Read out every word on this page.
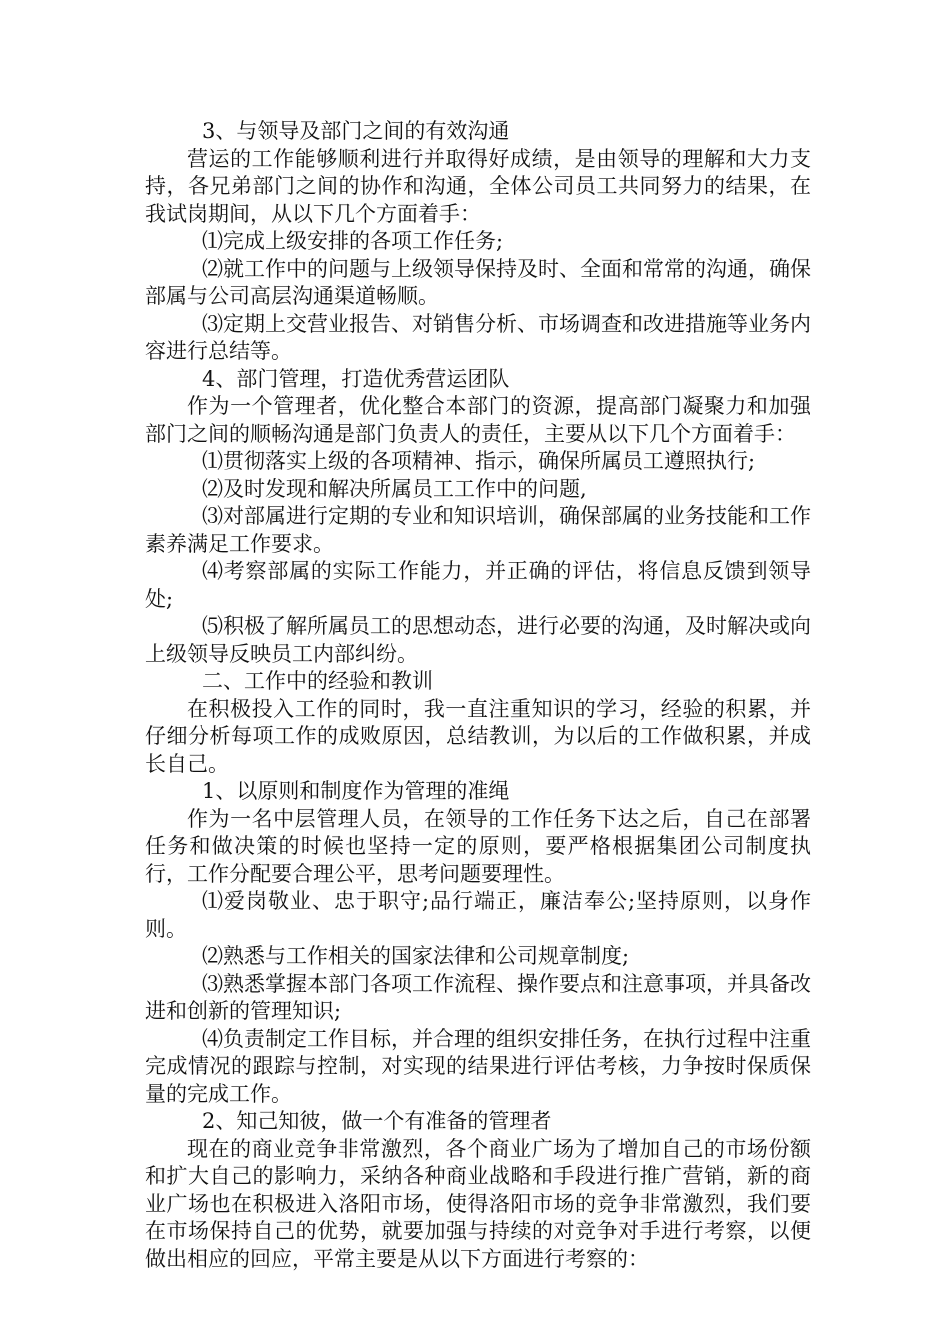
3、与领导及部门之间的有效沟通

营运的工作能够顺利进行并取得好成绩，是由领导的理解和大力支持，各兄弟部门之间的协作和沟通，全体公司员工共同努力的结果，在我试岗期间，从以下几个方面着手：

⑴完成上级安排的各项工作任务;

⑵就工作中的问题与上级领导保持及时、全面和常常的沟通，确保部属与公司高层沟通渠道畅顺。

⑶定期上交营业报告、对销售分析、市场调查和改进措施等业务内容进行总结等。

4、部门管理，打造优秀营运团队

作为一个管理者，优化整合本部门的资源，提高部门凝聚力和加强部门之间的顺畅沟通是部门负责人的责任，主要从以下几个方面着手：

⑴贯彻落实上级的各项精神、指示，确保所属员工遵照执行;

⑵及时发现和解决所属员工工作中的问题,

⑶对部属进行定期的专业和知识培训，确保部属的业务技能和工作素养满足工作要求。

⑷考察部属的实际工作能力，并正确的评估，将信息反馈到领导处;

⑸积极了解所属员工的思想动态，进行必要的沟通，及时解决或向上级领导反映员工内部纠纷。

二、工作中的经验和教训

在积极投入工作的同时，我一直注重知识的学习，经验的积累，并仔细分析每项工作的成败原因，总结教训，为以后的工作做积累，并成长自己。

1、以原则和制度作为管理的准绳

作为一名中层管理人员，在领导的工作任务下达之后，自己在部署任务和做决策的时候也坚持一定的原则，要严格根据集团公司制度执行，工作分配要合理公平，思考问题要理性。

⑴爱岗敬业、忠于职守;品行端正，廉洁奉公;坚持原则，以身作则。

⑵熟悉与工作相关的国家法律和公司规章制度;

⑶熟悉掌握本部门各项工作流程、操作要点和注意事项，并具备改进和创新的管理知识;

⑷负责制定工作目标，并合理的组织安排任务，在执行过程中注重完成情况的跟踪与控制，对实现的结果进行评估考核，力争按时保质保量的完成工作。

2、知己知彼，做一个有准备的管理者

现在的商业竞争非常激烈，各个商业广场为了增加自己的市场份额和扩大自己的影响力，采纳各种商业战略和手段进行推广营销，新的商业广场也在积极进入洛阳市场，使得洛阳市场的竞争非常激烈，我们要在市场保持自己的优势，就要加强与持续的对竞争对手进行考察，以便做出相应的回应，平常主要是从以下方面进行考察的：
